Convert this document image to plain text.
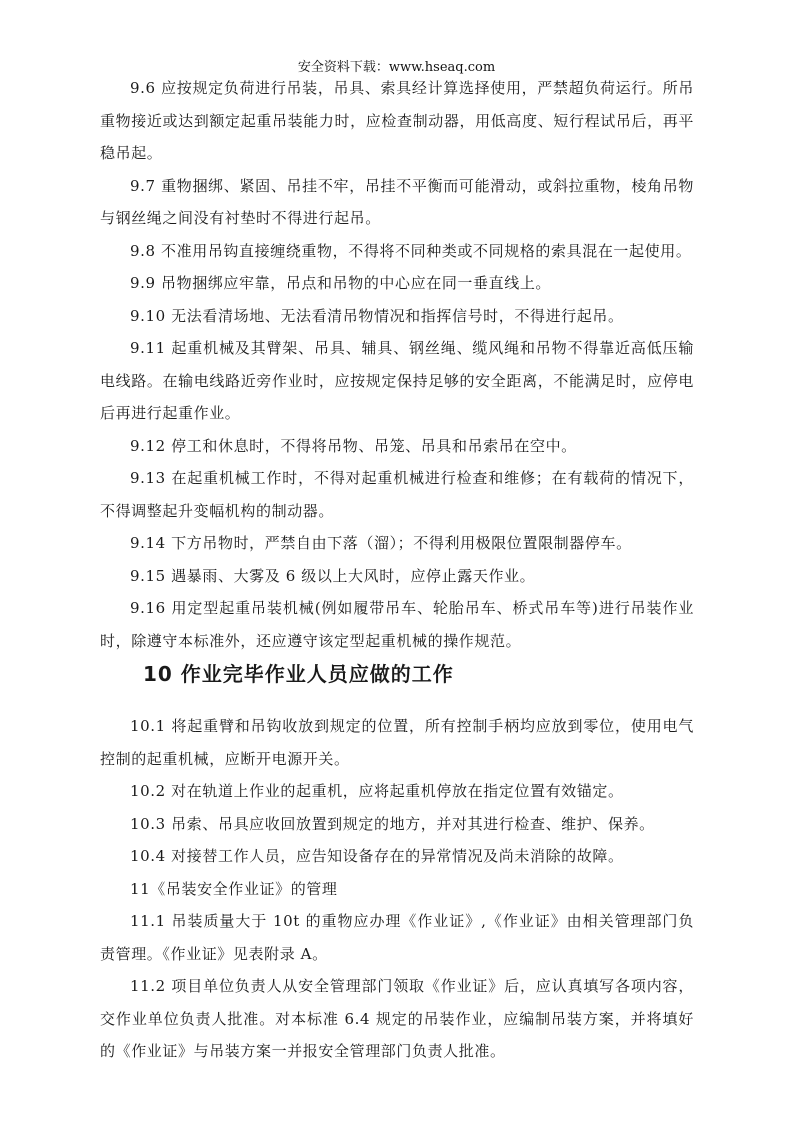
安全资料下载：www.hseaq.com

9.6 应按规定负荷进行吊装，吊具、索具经计算选择使用，严禁超负荷运行。所吊重物接近或达到额定起重吊装能力时，应检查制动器，用低高度、短行程试吊后，再平稳吊起。

9.7 重物捆绑、紧固、吊挂不牢，吊挂不平衡而可能滑动，或斜拉重物，棱角吊物与钢丝绳之间没有衬垫时不得进行起吊。

9.8 不准用吊钩直接缠绕重物，不得将不同种类或不同规格的索具混在一起使用。

9.9 吊物捆绑应牢靠，吊点和吊物的中心应在同一垂直线上。

9.10 无法看清场地、无法看清吊物情况和指挥信号时，不得进行起吊。

9.11 起重机械及其臂架、吊具、辅具、钢丝绳、缆风绳和吊物不得靠近高低压输电线路。在输电线路近旁作业时，应按规定保持足够的安全距离，不能满足时，应停电后再进行起重作业。

9.12 停工和休息时，不得将吊物、吊笼、吊具和吊索吊在空中。

9.13 在起重机械工作时，不得对起重机械进行检查和维修；在有载荷的情况下，不得调整起升变幅机构的制动器。

9.14 下方吊物时，严禁自由下落（溜）；不得利用极限位置限制器停车。

9.15 遇暴雨、大雾及 6 级以上大风时，应停止露天作业。

9.16 用定型起重吊装机械(例如履带吊车、轮胎吊车、桥式吊车等)进行吊装作业时，除遵守本标准外，还应遵守该定型起重机械的操作规范。

10 作业完毕作业人员应做的工作

10.1 将起重臂和吊钩收放到规定的位置，所有控制手柄均应放到零位，使用电气控制的起重机械，应断开电源开关。

10.2 对在轨道上作业的起重机，应将起重机停放在指定位置有效锚定。

10.3 吊索、吊具应收回放置到规定的地方，并对其进行检查、维护、保养。

10.4 对接替工作人员，应告知设备存在的异常情况及尚未消除的故障。

11《吊装安全作业证》的管理

11.1 吊装质量大于 10t 的重物应办理《作业证》,《作业证》由相关管理部门负责管理。《作业证》见表附录 A。

11.2 项目单位负责人从安全管理部门领取《作业证》后，应认真填写各项内容，交作业单位负责人批准。对本标准 6.4 规定的吊装作业，应编制吊装方案，并将填好的《作业证》与吊装方案一并报安全管理部门负责人批准。
